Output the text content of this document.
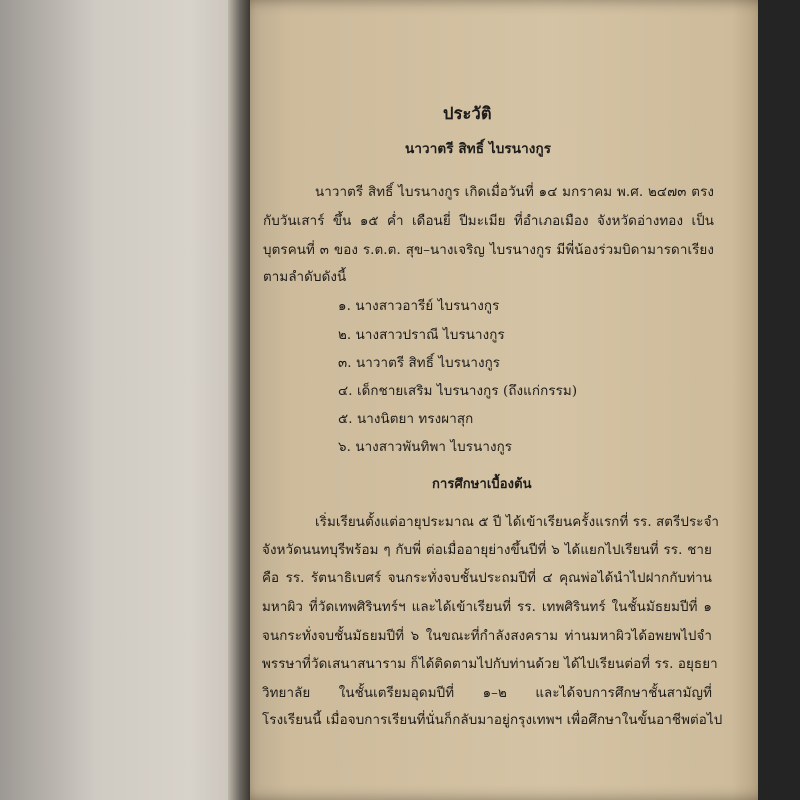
ประวัติ
นาวาตรี สิทธิ์ ไบรนางกูร
นาวาตรี สิทธิ์ ไบรนางกูร เกิดเมื่อวันที่ ๑๔ มกราคม พ.ศ. ๒๔๗๓ ตรง
กับวันเสาร์ ขึ้น ๑๕ ค่ำ เดือนยี่ ปีมะเมีย ที่อำเภอเมือง จังหวัดอ่างทอง เป็น
บุตรคนที่ ๓ ของ ร.ต.ต. สุข–นางเจริญ ไบรนางกูร มีพี่น้องร่วมบิดามารดาเรียง
ตามลำดับดังนี้
๑. นางสาวอารีย์ ไบรนางกูร
๒. นางสาวปราณี ไบรนางกูร
๓. นาวาตรี สิทธิ์ ไบรนางกูร
๔. เด็กชายเสริม ไบรนางกูร (ถึงแก่กรรม)
๕. นางนิตยา ทรงผาสุก
๖. นางสาวพันทิพา ไบรนางกูร
การศึกษาเบื้องต้น
เริ่มเรียนตั้งแต่อายุประมาณ ๕ ปี ได้เข้าเรียนครั้งแรกที่ รร. สตรีประจำ
จังหวัดนนทบุรีพร้อม ๆ กับพี่ ต่อเมื่ออายุย่างขึ้นปีที่ ๖ ได้แยกไปเรียนที่ รร. ชาย
คือ รร. รัตนาธิเบศร์ จนกระทั่งจบชั้นประถมปีที่ ๔ คุณพ่อได้นำไปฝากกับท่าน
มหาผิว ที่วัดเทพศิรินทร์ฯ และได้เข้าเรียนที่ รร. เทพศิรินทร์ ในชั้นมัธยมปีที่ ๑
จนกระทั่งจบชั้นมัธยมปีที่ ๖ ในขณะที่กำลังสงคราม ท่านมหาผิวได้อพยพไปจำ
พรรษาที่วัดเสนาสนาราม ก็ได้ติดตามไปกับท่านด้วย ได้ไปเรียนต่อที่ รร. อยุธยา
วิทยาลัย ในชั้นเตรียมอุดมปีที่ ๑–๒ และได้จบการศึกษาชั้นสามัญที่
โรงเรียนนี้ เมื่อจบการเรียนที่นั่นก็กลับมาอยู่กรุงเทพฯ เพื่อศึกษาในขั้นอาชีพต่อไป
